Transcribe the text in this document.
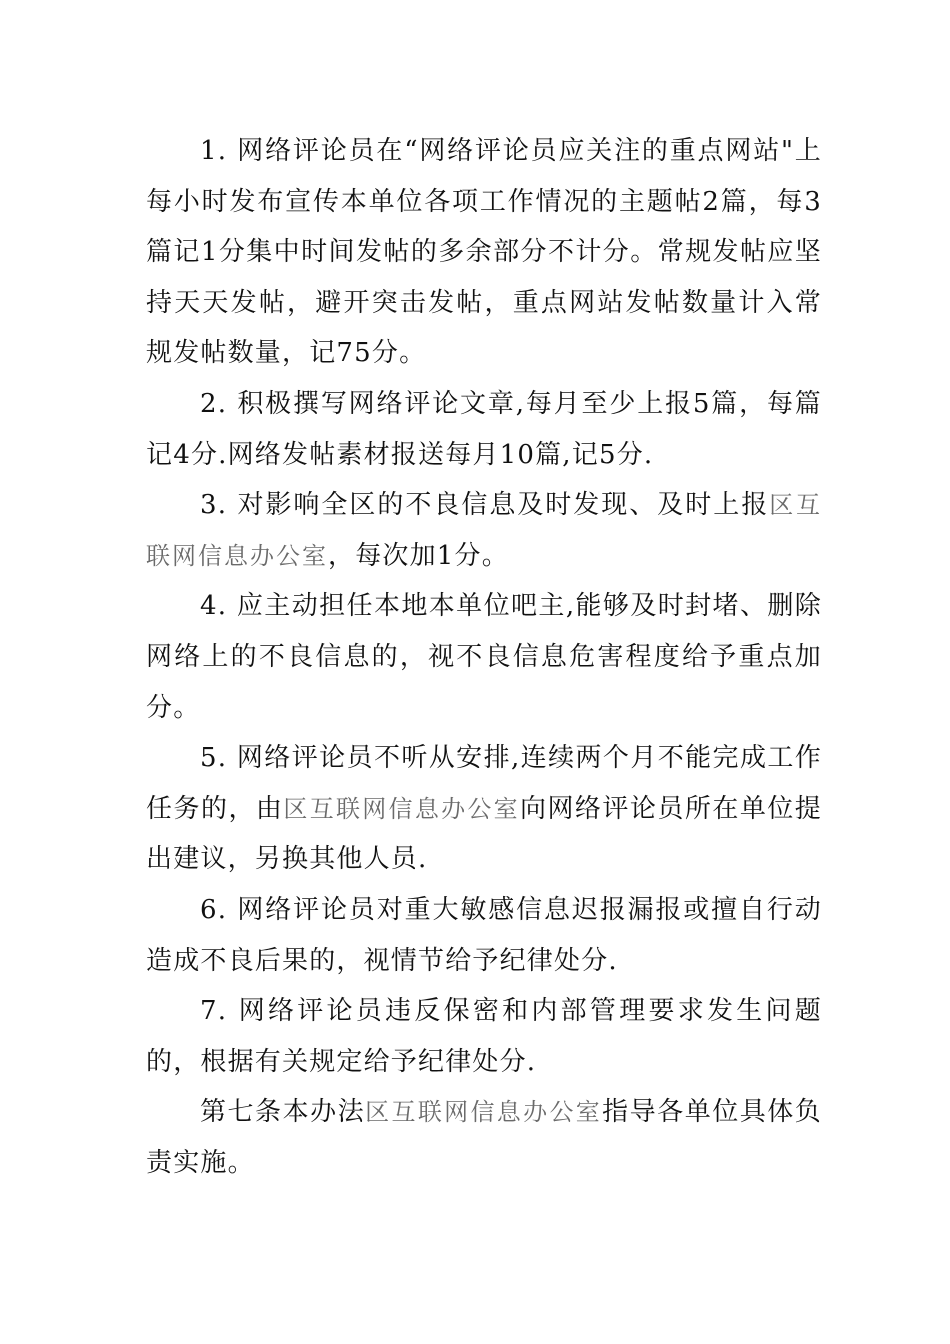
1. 网络评论员在“网络评论员应关注的重点网站"上每小时发布宣传本单位各项工作情况的主题帖2篇，每3篇记1分集中时间发帖的多余部分不计分。常规发帖应坚持天天发帖，避开突击发帖，重点网站发帖数量计入常规发帖数量，记75分。

2. 积极撰写网络评论文章,每月至少上报5篇，每篇记4分.网络发帖素材报送每月10篇,记5分.

3. 对影响全区的不良信息及时发现、及时上报区互联网信息办公室，每次加1分。

4. 应主动担任本地本单位吧主,能够及时封堵、删除网络上的不良信息的，视不良信息危害程度给予重点加分。

5. 网络评论员不听从安排,连续两个月不能完成工作任务的，由区互联网信息办公室向网络评论员所在单位提出建议，另换其他人员.

6. 网络评论员对重大敏感信息迟报漏报或擅自行动造成不良后果的，视情节给予纪律处分.

7. 网络评论员违反保密和内部管理要求发生问题的，根据有关规定给予纪律处分.

第七条本办法区互联网信息办公室指导各单位具体负责实施。
